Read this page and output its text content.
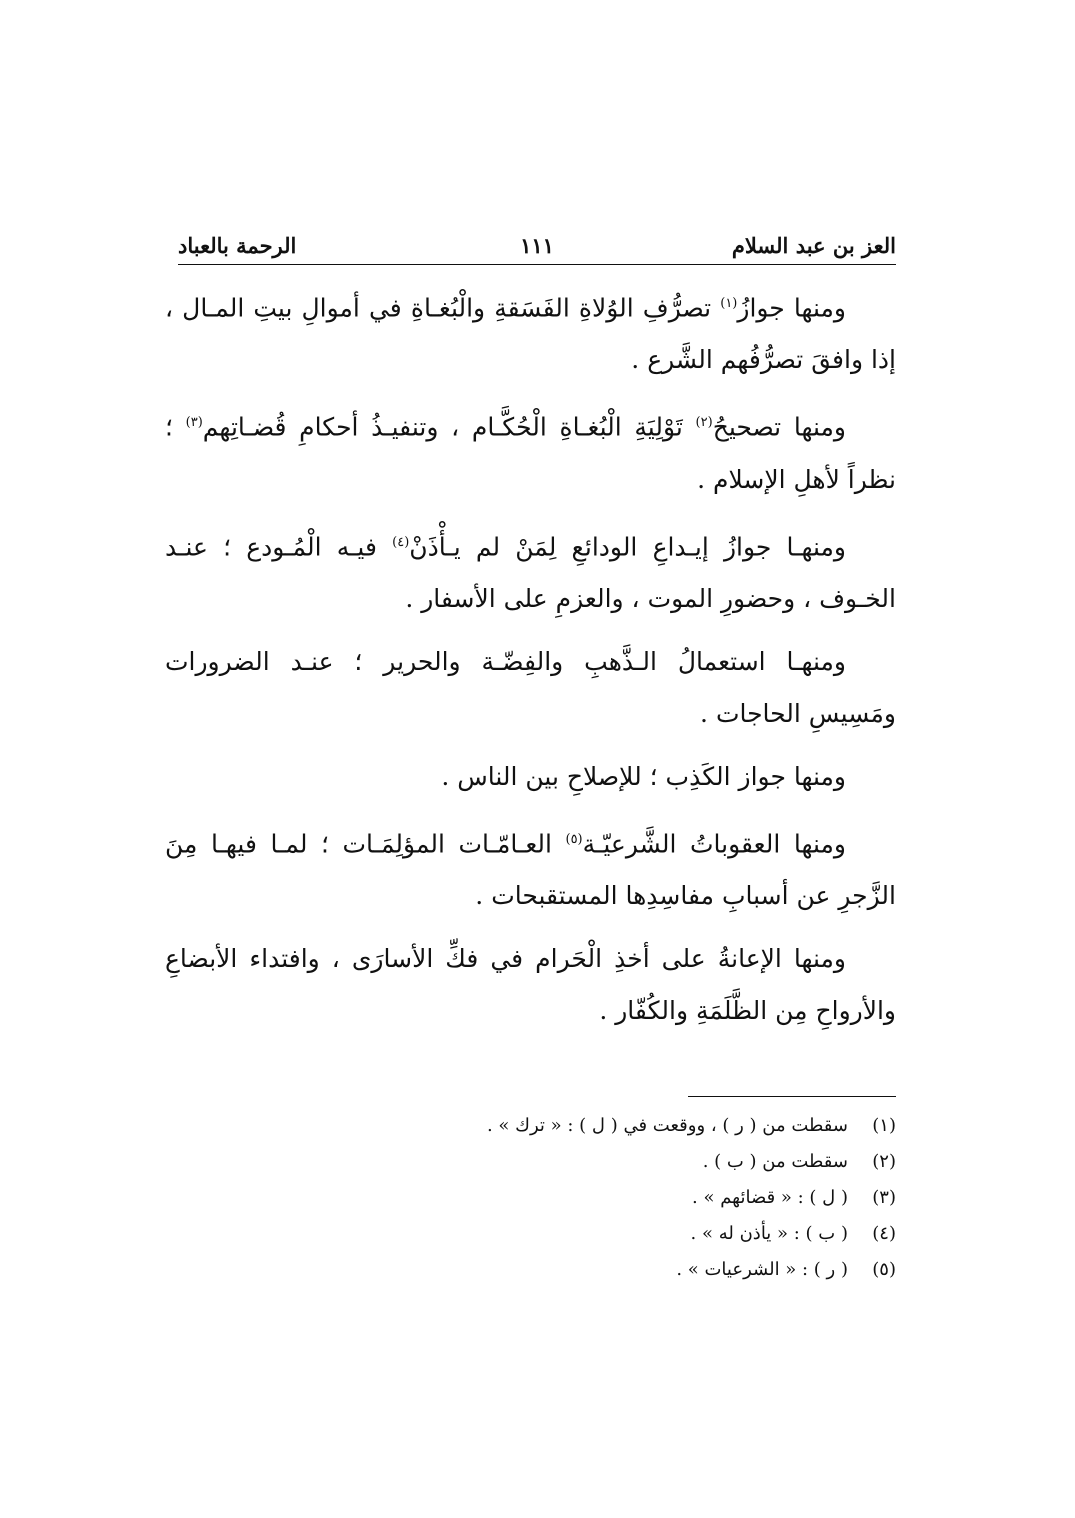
العز بن عبد السلام
١١١
الرحمة بالعباد

ومنها جوازُ$^{(١)}$ تصرُّفِ الوُلاةِ الفَسَقةِ والْبُغـاةِ في أموالِ بيتِ المـال ، إذا وافقَ تصرُّفُهم الشَّرع .

ومنها تصحيحُ$^{(٢)}$ تَوْلِيَةِ الْبُغـاةِ الْحُكَّـام ، وتنفيـذُ أحكامِ قُضـاتِهم$^{(٣)}$ ؛ نظراً لأهلِ الإسلام .

ومنهـا جوازُ إيـداعِ الودائعِ لِمَنْ لم يـأْذَنْ$^{(٤)}$ فيـه الْمُـودع ؛ عنـد الخـوف ، وحضورِ الموت ، والعزمِ على الأسفار .

ومنهـا استعمالُ الـذَّهبِ والفِضّـة والحرير ؛ عنـد الضرورات ومَسِيسِ الحاجات .

ومنها جواز الكَذِب ؛ للإصلاحِ بين الناس .

ومنها العقوباتُ الشَّرعيّـة$^{(٥)}$ العـامّـات المؤلِمَـات ؛ لمـا فيهـا مِنَ الزَّجرِ عن أسبابِ مفاسِدِها المستقبحات .

ومنها الإعانةُ على أخذِ الْحَرام في فكِّ الأسارَى ، وافتداء الأبضاعِ والأرواحِ مِن الظَّلَمَةِ والكُفّار .

(١)
سقطت من ( ر ) ، ووقعت في ( ل ) : « ترك » .
(٢)
سقطت من ( ب ) .
(٣)
( ل ) : « قضائهم » .
(٤)
( ب ) : « يأذن له » .
(٥)
( ر ) : « الشرعيات » .
